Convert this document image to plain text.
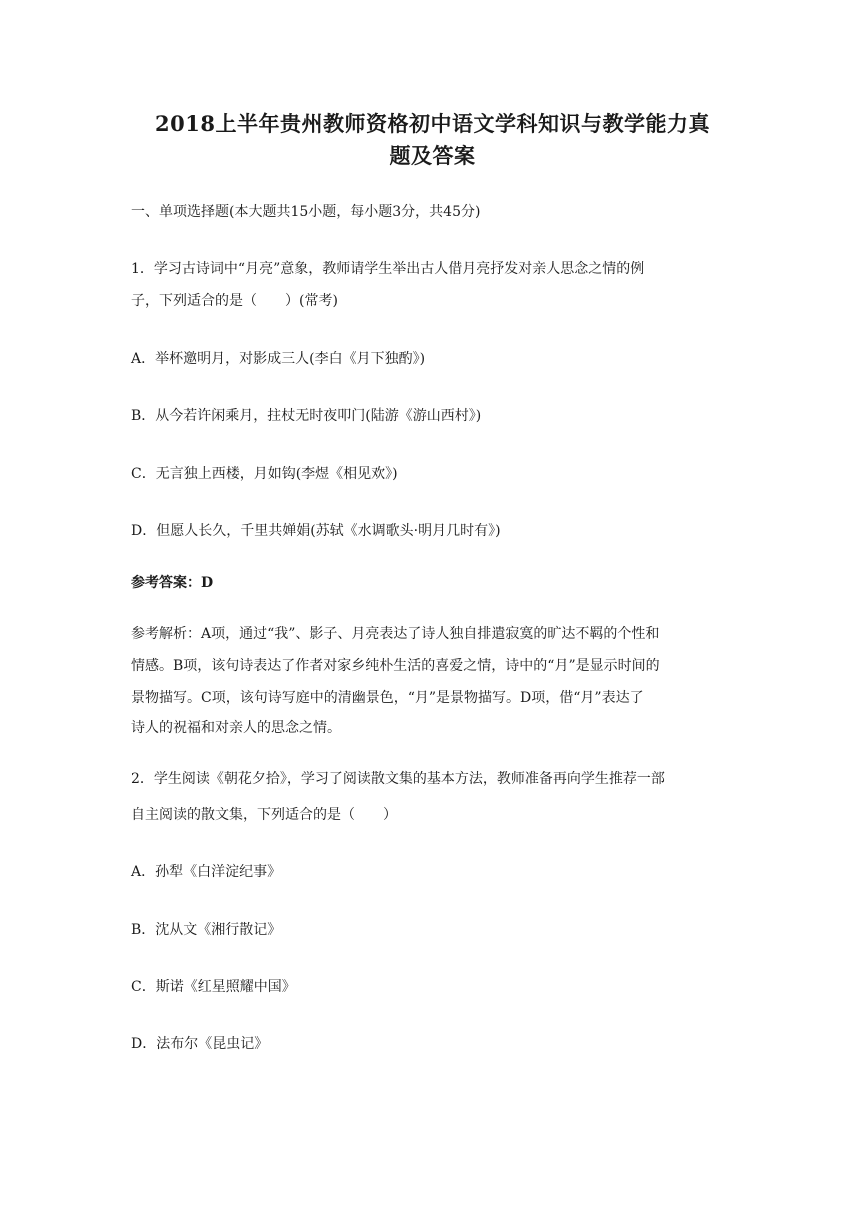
2018上半年贵州教师资格初中语文学科知识与教学能力真
题及答案
一、单项选择题(本大题共15小题，每小题3分，共45分)
1．学习古诗词中“月亮”意象，教师请学生举出古人借月亮抒发对亲人思念之情的例
子，下列适合的是（　　）(常考)
A．举杯邀明月，对影成三人(李白《月下独酌》)
B．从今若许闲乘月，拄杖无时夜叩门(陆游《游山西村》)
C．无言独上西楼，月如钩(李煜《相见欢》)
D．但愿人长久，千里共婵娟(苏轼《水调歌头·明月几时有》)
参考答案：D
参考解析：A项，通过“我”、影子、月亮表达了诗人独自排遣寂寞的旷达不羁的个性和
情感。B项，该句诗表达了作者对家乡纯朴生活的喜爱之情，诗中的“月”是显示时间的
景物描写。C项，该句诗写庭中的清幽景色，“月”是景物描写。D项，借“月”表达了
诗人的祝福和对亲人的思念之情。
2．学生阅读《朝花夕拾》，学习了阅读散文集的基本方法，教师准备再向学生推荐一部
自主阅读的散文集，下列适合的是（　　）
A．孙犁《白洋淀纪事》
B．沈从文《湘行散记》
C．斯诺《红星照耀中国》
D．法布尔《昆虫记》
